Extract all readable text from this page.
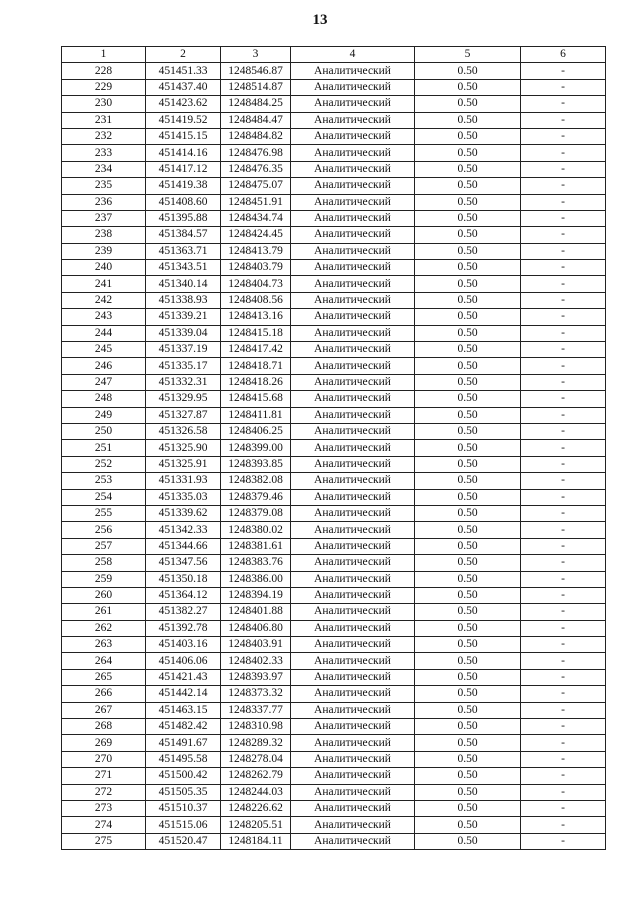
13
1	2	3	4	5	6
228	451451.33	1248546.87	Аналитический	0.50	-
229	451437.40	1248514.87	Аналитический	0.50	-
230	451423.62	1248484.25	Аналитический	0.50	-
231	451419.52	1248484.47	Аналитический	0.50	-
232	451415.15	1248484.82	Аналитический	0.50	-
233	451414.16	1248476.98	Аналитический	0.50	-
234	451417.12	1248476.35	Аналитический	0.50	-
235	451419.38	1248475.07	Аналитический	0.50	-
236	451408.60	1248451.91	Аналитический	0.50	-
237	451395.88	1248434.74	Аналитический	0.50	-
238	451384.57	1248424.45	Аналитический	0.50	-
239	451363.71	1248413.79	Аналитический	0.50	-
240	451343.51	1248403.79	Аналитический	0.50	-
241	451340.14	1248404.73	Аналитический	0.50	-
242	451338.93	1248408.56	Аналитический	0.50	-
243	451339.21	1248413.16	Аналитический	0.50	-
244	451339.04	1248415.18	Аналитический	0.50	-
245	451337.19	1248417.42	Аналитический	0.50	-
246	451335.17	1248418.71	Аналитический	0.50	-
247	451332.31	1248418.26	Аналитический	0.50	-
248	451329.95	1248415.68	Аналитический	0.50	-
249	451327.87	1248411.81	Аналитический	0.50	-
250	451326.58	1248406.25	Аналитический	0.50	-
251	451325.90	1248399.00	Аналитический	0.50	-
252	451325.91	1248393.85	Аналитический	0.50	-
253	451331.93	1248382.08	Аналитический	0.50	-
254	451335.03	1248379.46	Аналитический	0.50	-
255	451339.62	1248379.08	Аналитический	0.50	-
256	451342.33	1248380.02	Аналитический	0.50	-
257	451344.66	1248381.61	Аналитический	0.50	-
258	451347.56	1248383.76	Аналитический	0.50	-
259	451350.18	1248386.00	Аналитический	0.50	-
260	451364.12	1248394.19	Аналитический	0.50	-
261	451382.27	1248401.88	Аналитический	0.50	-
262	451392.78	1248406.80	Аналитический	0.50	-
263	451403.16	1248403.91	Аналитический	0.50	-
264	451406.06	1248402.33	Аналитический	0.50	-
265	451421.43	1248393.97	Аналитический	0.50	-
266	451442.14	1248373.32	Аналитический	0.50	-
267	451463.15	1248337.77	Аналитический	0.50	-
268	451482.42	1248310.98	Аналитический	0.50	-
269	451491.67	1248289.32	Аналитический	0.50	-
270	451495.58	1248278.04	Аналитический	0.50	-
271	451500.42	1248262.79	Аналитический	0.50	-
272	451505.35	1248244.03	Аналитический	0.50	-
273	451510.37	1248226.62	Аналитический	0.50	-
274	451515.06	1248205.51	Аналитический	0.50	-
275	451520.47	1248184.11	Аналитический	0.50	-
